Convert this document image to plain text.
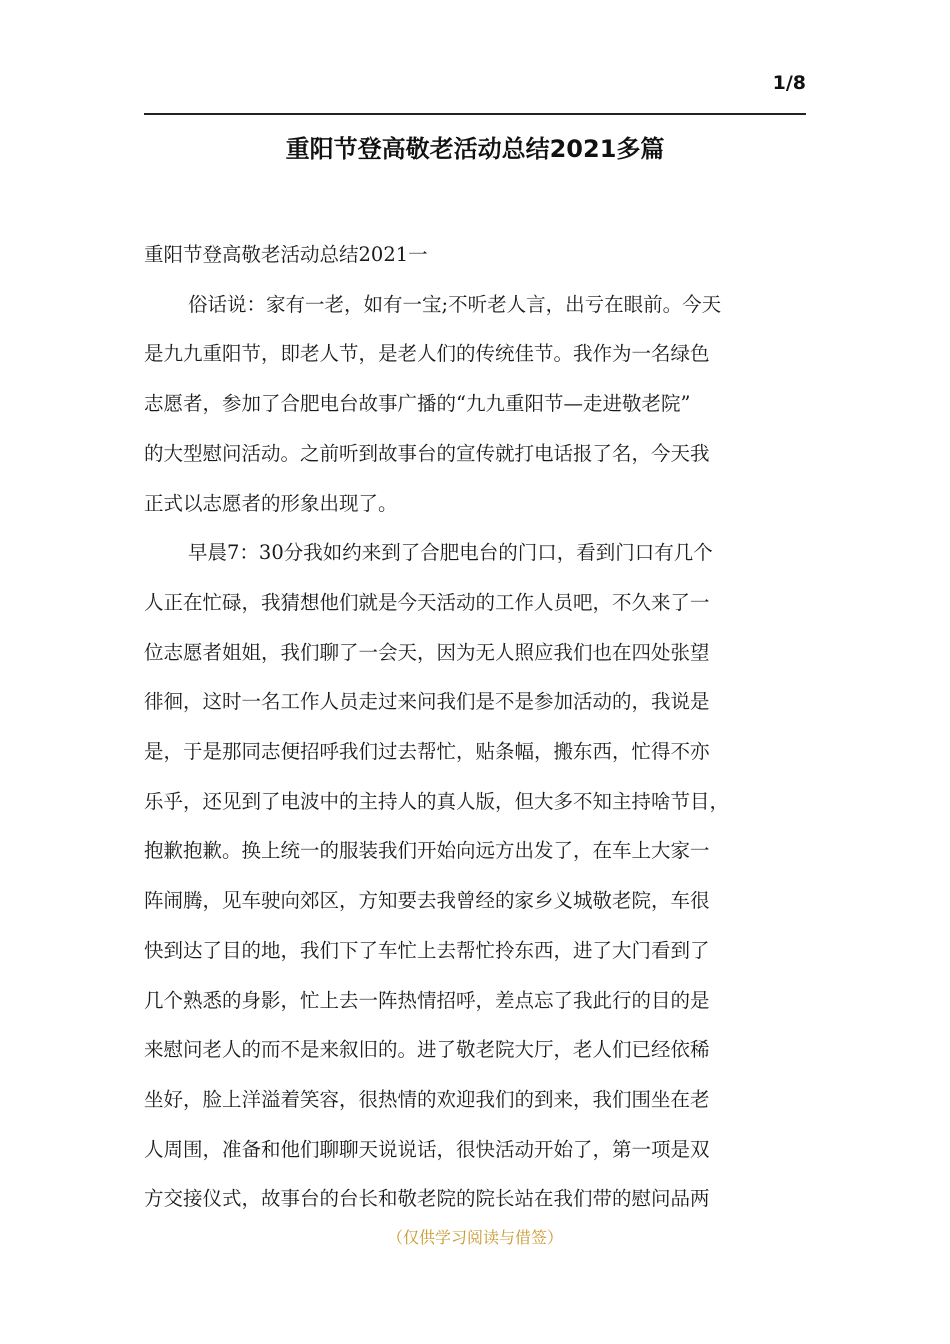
1/8
重阳节登高敬老活动总结2021多篇

重阳节登高敬老活动总结2021一

俗话说：家有一老，如有一宝;不听老人言，出亏在眼前。今天
是九九重阳节，即老人节，是老人们的传统佳节。我作为一名绿色
志愿者，参加了合肥电台故事广播的“九九重阳节—走进敬老院”
的大型慰问活动。之前听到故事台的宣传就打电话报了名，今天我
正式以志愿者的形象出现了。

早晨7：30分我如约来到了合肥电台的门口，看到门口有几个
人正在忙碌，我猜想他们就是今天活动的工作人员吧，不久来了一
位志愿者姐姐，我们聊了一会天，因为无人照应我们也在四处张望
徘徊，这时一名工作人员走过来问我们是不是参加活动的，我说是
是，于是那同志便招呼我们过去帮忙，贴条幅，搬东西，忙得不亦
乐乎，还见到了电波中的主持人的真人版，但大多不知主持啥节目，
抱歉抱歉。换上统一的服装我们开始向远方出发了，在车上大家一
阵闹腾，见车驶向郊区，方知要去我曾经的家乡义城敬老院，车很
快到达了目的地，我们下了车忙上去帮忙拎东西，进了大门看到了
几个熟悉的身影，忙上去一阵热情招呼，差点忘了我此行的目的是
来慰问老人的而不是来叙旧的。进了敬老院大厅，老人们已经依稀
坐好，脸上洋溢着笑容，很热情的欢迎我们的到来，我们围坐在老
人周围，准备和他们聊聊天说说话，很快活动开始了，第一项是双
方交接仪式，故事台的台长和敬老院的院长站在我们带的慰问品两

（仅供学习阅读与借签）
